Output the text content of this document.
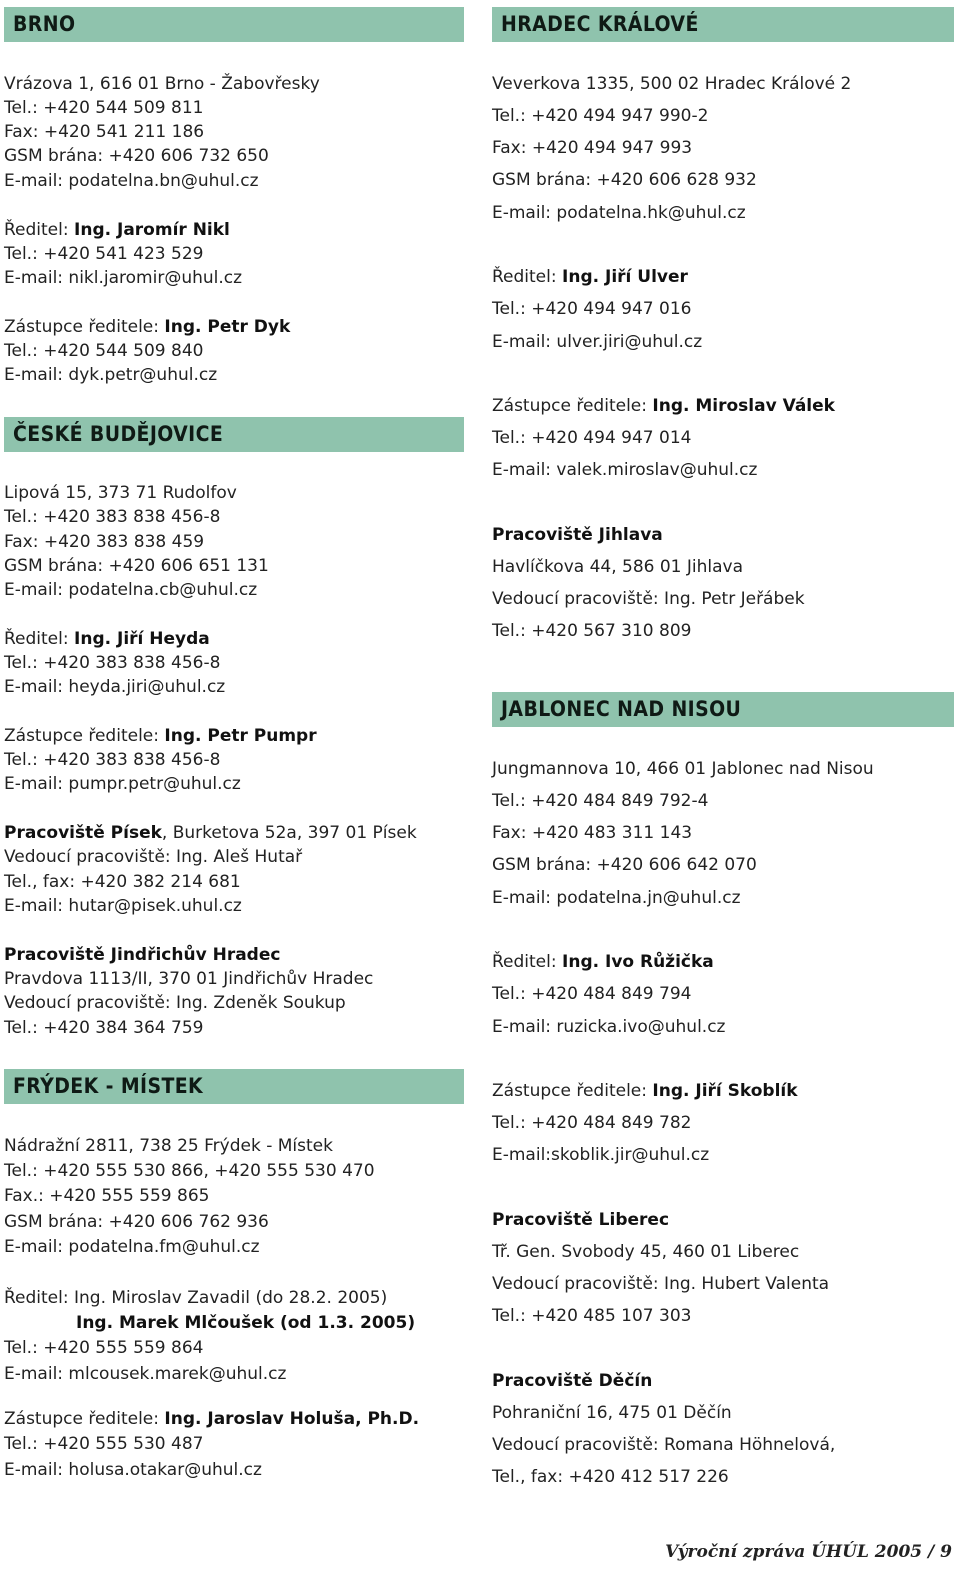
BRNO
Vrázova 1, 616 01 Brno - Žabovřesky
Tel.: +420 544 509 811
Fax: +420 541 211 186
GSM brána: +420 606 732 650
E-mail: podatelna.bn@uhul.cz
Ředitel: Ing. Jaromír Nikl
Tel.: +420 541 423 529
E-mail: nikl.jaromir@uhul.cz
Zástupce ředitele: Ing. Petr Dyk
Tel.: +420 544 509 840
E-mail: dyk.petr@uhul.cz
ČESKÉ BUDĚJOVICE
Lipová 15, 373 71 Rudolfov
Tel.: +420 383 838 456-8
Fax: +420 383 838 459
GSM brána: +420 606 651 131
E-mail: podatelna.cb@uhul.cz
Ředitel: Ing. Jiří Heyda
Tel.: +420 383 838 456-8
E-mail: heyda.jiri@uhul.cz
Zástupce ředitele: Ing. Petr Pumpr
Tel.: +420 383 838 456-8
E-mail: pumpr.petr@uhul.cz
Pracoviště Písek, Burketova 52a, 397 01 Písek
Vedoucí pracoviště: Ing. Aleš Hutař
Tel., fax: +420 382 214 681
E-mail: hutar@pisek.uhul.cz
Pracoviště Jindřichův Hradec
Pravdova 1113/II, 370 01 Jindřichův Hradec
Vedoucí pracoviště: Ing. Zdeněk Soukup
Tel.: +420 384 364 759
FRÝDEK - MÍSTEK
Nádražní 2811, 738 25 Frýdek - Místek
Tel.: +420 555 530 866, +420 555 530 470
Fax.: +420 555 559 865
GSM brána: +420 606 762 936
E-mail: podatelna.fm@uhul.cz
Ředitel: Ing. Miroslav Zavadil (do 28.2. 2005)
Ing. Marek Mlčoušek (od 1.3. 2005)
Tel.: +420 555 559 864
E-mail: mlcousek.marek@uhul.cz
Zástupce ředitele: Ing. Jaroslav Holuša, Ph.D.
Tel.: +420 555 530 487
E-mail: holusa.otakar@uhul.cz
HRADEC KRÁLOVÉ
Veverkova 1335, 500 02 Hradec Králové 2
Tel.: +420 494 947 990-2
Fax: +420 494 947 993
GSM brána: +420 606 628 932
E-mail: podatelna.hk@uhul.cz
Ředitel: Ing. Jiří Ulver
Tel.: +420 494 947 016
E-mail: ulver.jiri@uhul.cz
Zástupce ředitele: Ing. Miroslav Válek
Tel.: +420 494 947 014
E-mail: valek.miroslav@uhul.cz
Pracoviště Jihlava
Havlíčkova 44, 586 01 Jihlava
Vedoucí pracoviště: Ing. Petr Jeřábek
Tel.: +420 567 310 809
JABLONEC NAD NISOU
Jungmannova 10, 466 01 Jablonec nad Nisou
Tel.: +420 484 849 792-4
Fax: +420 483 311 143
GSM brána: +420 606 642 070
E-mail: podatelna.jn@uhul.cz
Ředitel: Ing. Ivo Růžička
Tel.: +420 484 849 794
E-mail: ruzicka.ivo@uhul.cz
Zástupce ředitele: Ing. Jiří Skoblík
Tel.: +420 484 849 782
E-mail:skoblik.jir@uhul.cz
Pracoviště Liberec
Tř. Gen. Svobody 45, 460 01 Liberec
Vedoucí pracoviště: Ing. Hubert Valenta
Tel.: +420 485 107 303
Pracoviště Děčín
Pohraniční 16, 475 01 Děčín
Vedoucí pracoviště: Romana Höhnelová,
Tel., fax: +420 412 517 226
Výroční zpráva ÚHÚL 2005 / 9
